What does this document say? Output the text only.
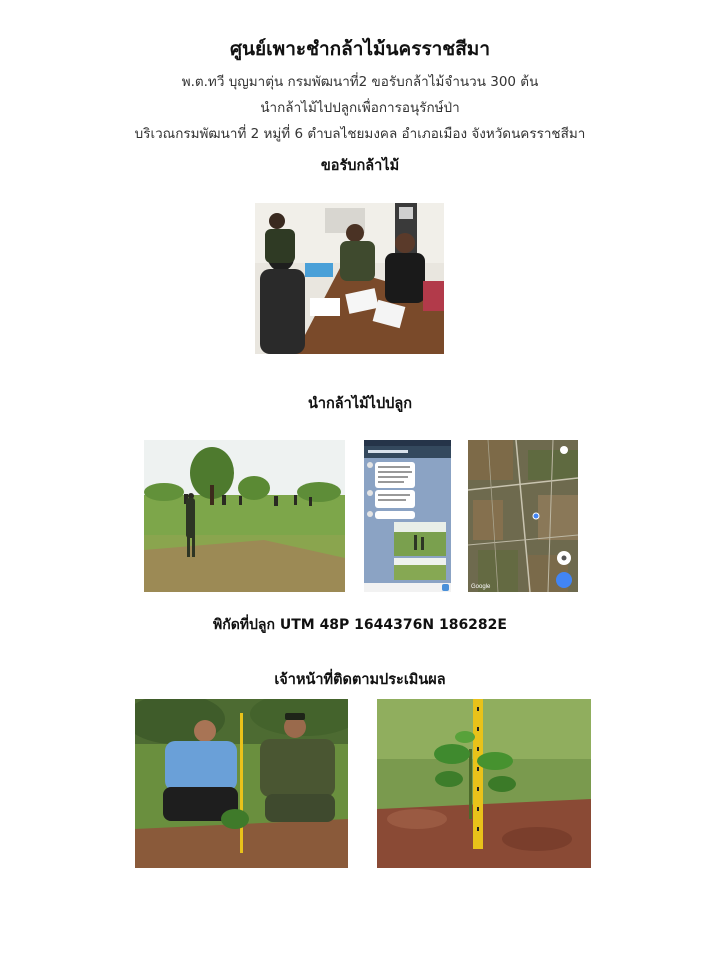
ศูนย์เพาะชำกล้าไม้นครราชสีมา
พ.ต.ทวี บุญมาตุ่น กรมพัฒนาที่2 ขอรับกล้าไม้จำนวน 300 ต้น
นำกล้าไม้ไปปลูกเพื่อการอนุรักษ์ป่า
บริเวณกรมพัฒนาที่ 2 หมู่ที่ 6 ตำบลไชยมงคล อำเภอเมือง จังหวัดนครราชสีมา
ขอรับกล้าไม้
นำกล้าไม้ไปปลูก
Google
พิกัดที่ปลูก UTM 48P 1644376N 186282E
เจ้าหน้าที่ติดตามประเมินผล
